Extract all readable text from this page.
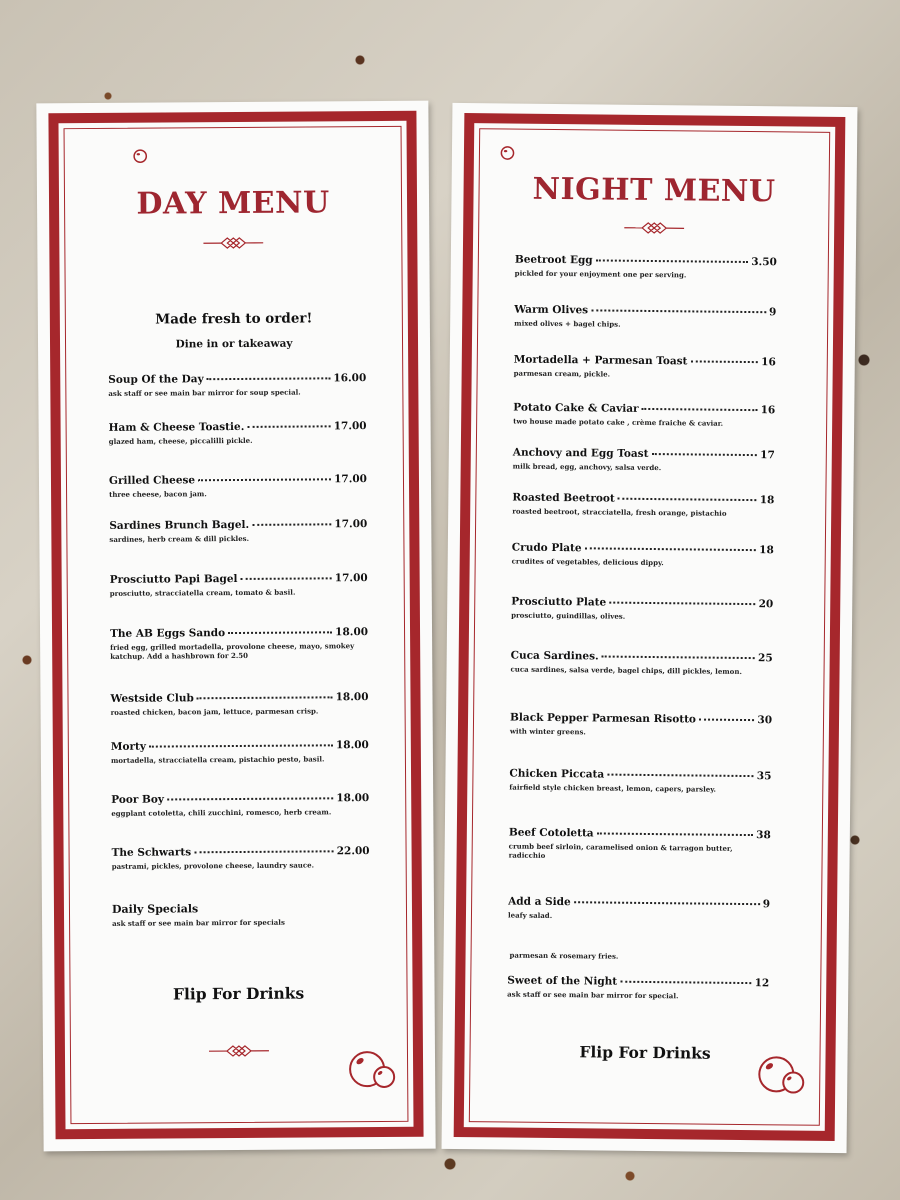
DAY MENU
Made fresh to order!
Dine in or takeaway
Soup Of the Day	16.00
ask staff or see main bar mirror for soup special.
Ham & Cheese Toastie.	17.00
glazed ham, cheese, piccalilli pickle.
Grilled Cheese	17.00
three cheese, bacon jam.
Sardines Brunch Bagel.	17.00
sardines, herb cream & dill pickles.
Prosciutto Papi Bagel	17.00
prosciutto, stracciatella cream, tomato & basil.
The AB Eggs Sando	18.00
fried egg, grilled mortadella, provolone cheese, mayo, smokey katchup. Add a hashbrown for 2.50
Westside Club	18.00
roasted chicken, bacon jam, lettuce, parmesan crisp.
Morty	18.00
mortadella, stracciatella cream, pistachio pesto, basil.
Poor Boy	18.00
eggplant cotoletta, chili zucchini, romesco, herb cream.
The Schwarts	22.00
pastrami, pickles, provolone cheese, laundry sauce.
Daily Specials
ask staff or see main bar mirror for specials
Flip For Drinks
NIGHT MENU
Beetroot Egg	3.50
pickled for your enjoyment one per serving.
Warm Olives	9
mixed olives + bagel chips.
Mortadella + Parmesan Toast	16
parmesan cream, pickle.
Potato Cake & Caviar	16
two house made potato cake , crème fraiche & caviar.
Anchovy and Egg Toast	17
milk bread, egg, anchovy, salsa verde.
Roasted Beetroot	18
roasted beetroot, stracciatella, fresh orange, pistachio
Crudo Plate	18
crudites of vegetables, delicious dippy.
Prosciutto Plate	20
prosciutto, guindillas, olives.
Cuca Sardines.	25
cuca sardines, salsa verde, bagel chips, dill pickles, lemon.
Black Pepper Parmesan Risotto	30
with winter greens.
Chicken Piccata	35
fairfield style chicken breast, lemon, capers, parsley.
Beef Cotoletta	38
crumb beef sirloin, caramelised onion & tarragon butter, radicchio
Add a Side	9
leafy salad.
Sweet of the Night	12
ask staff or see main bar mirror for special.
parmesan & rosemary fries.
Flip For Drinks
